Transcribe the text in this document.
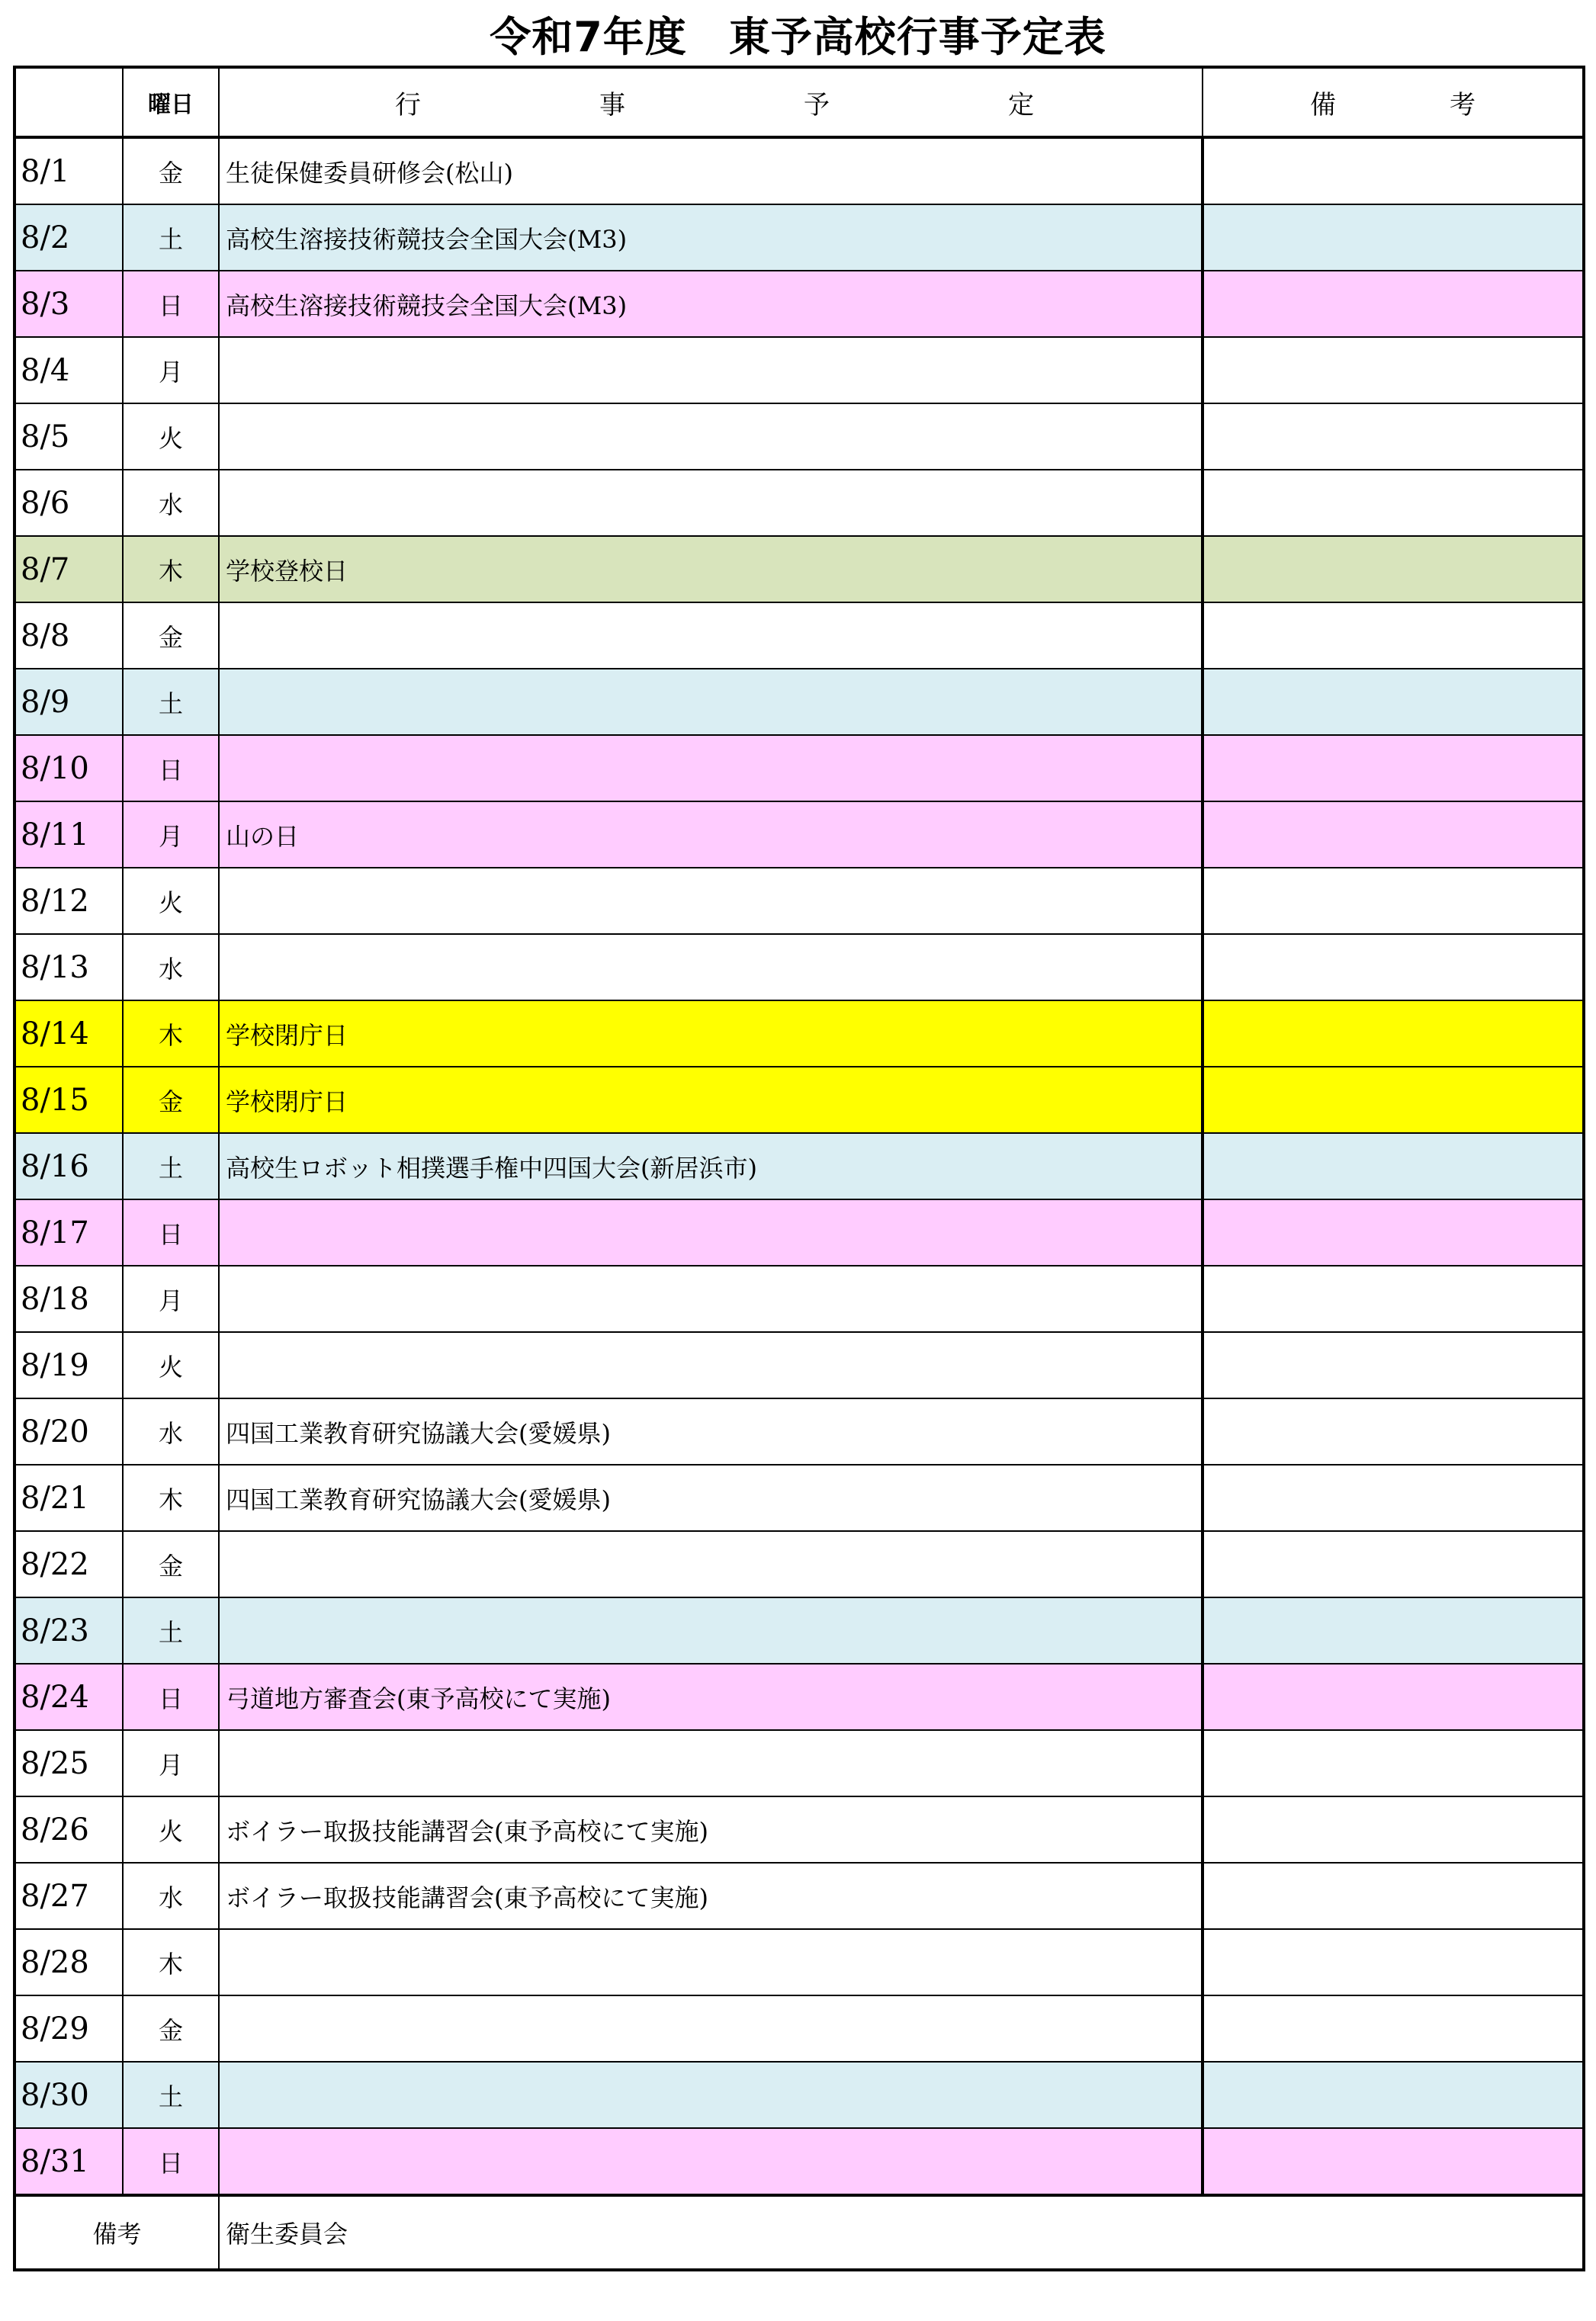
令和7年度　東予高校行事予定表
	曜日	行 事 予 定	備 考

8/1	金	生徒保健委員研修会(松山)	
8/2	土	高校生溶接技術競技会全国大会(M3)	
8/3	日	高校生溶接技術競技会全国大会(M3)	
8/4	月		
8/5	火		
8/6	水		
8/7	木	学校登校日	
8/8	金		
8/9	土		
8/10	日		
8/11	月	山の日	
8/12	火		
8/13	水		
8/14	木	学校閉庁日	
8/15	金	学校閉庁日	
8/16	土	高校生ロボット相撲選手権中四国大会(新居浜市)	
8/17	日		
8/18	月		
8/19	火		
8/20	水	四国工業教育研究協議大会(愛媛県)	
8/21	木	四国工業教育研究協議大会(愛媛県)	
8/22	金		
8/23	土		
8/24	日	弓道地方審査会(東予高校にて実施)	
8/25	月		
8/26	火	ボイラー取扱技能講習会(東予高校にて実施)	
8/27	水	ボイラー取扱技能講習会(東予高校にて実施)	
8/28	木		
8/29	金		
8/30	土		
8/31	日		
備考		衛生委員会	
